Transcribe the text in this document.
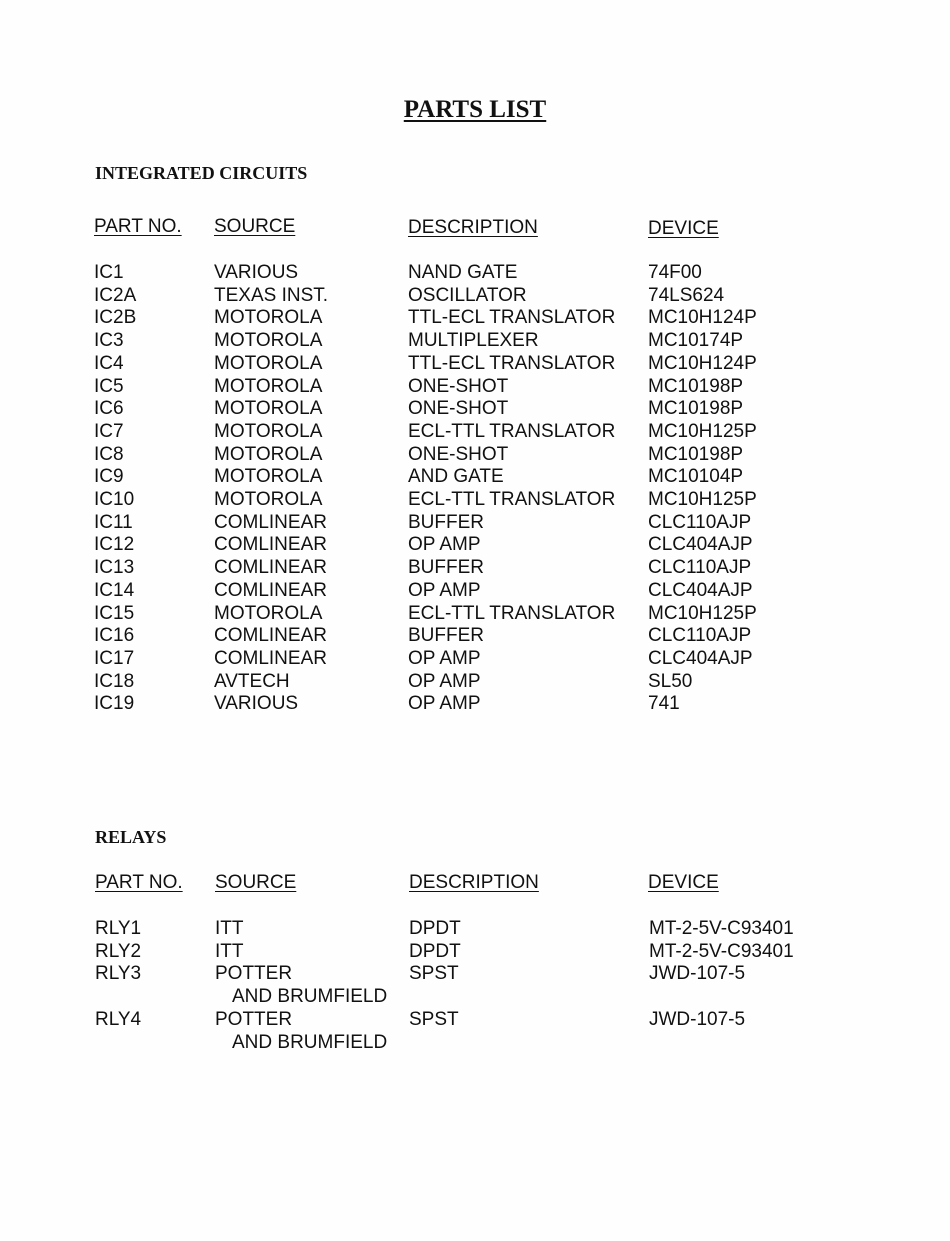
PARTS LIST
INTEGRATED CIRCUITS
PART NO. SOURCE	DESCRIPTION	DEVICE
IC1	VARIOUS	NAND GATE	74F00
IC2A	TEXAS INST.	OSCILLATOR	74LS624
IC2B	MOTOROLA	TTL-ECL TRANSLATOR	MC10H124P
IC3	MOTOROLA	MULTIPLEXER	MC10174P
IC4	MOTOROLA	TTL-ECL TRANSLATOR	MC10H124P
IC5	MOTOROLA	ONE-SHOT	MC10198P
IC6	MOTOROLA	ONE-SHOT	MC10198P
IC7	MOTOROLA	ECL-TTL TRANSLATOR	MC10H125P
IC8	MOTOROLA	ONE-SHOT	MC10198P
IC9	MOTOROLA	AND GATE	MC10104P
IC10	MOTOROLA	ECL-TTL TRANSLATOR	MC10H125P
IC11	COMLINEAR	BUFFER	CLC110AJP
IC12	COMLINEAR	OP AMP	CLC404AJP
IC13	COMLINEAR	BUFFER	CLC110AJP
IC14	COMLINEAR	OP AMP	CLC404AJP
IC15	MOTOROLA	ECL-TTL TRANSLATOR	MC10H125P
IC16	COMLINEAR	BUFFER	CLC110AJP
IC17	COMLINEAR	OP AMP	CLC404AJP
IC18	AVTECH	OP AMP	SL50
IC19	VARIOUS	OP AMP	741
RELAYS
PART NO. SOURCE	DESCRIPTION	DEVICE
RLY1	ITT	DPDT	MT-2-5V-C93401
RLY2	ITT	DPDT	MT-2-5V-C93401
RLY3	POTTER	SPST	JWD-107-5
	AND BRUMFIELD		
RLY4	POTTER	SPST	JWD-107-5
	AND BRUMFIELD		
